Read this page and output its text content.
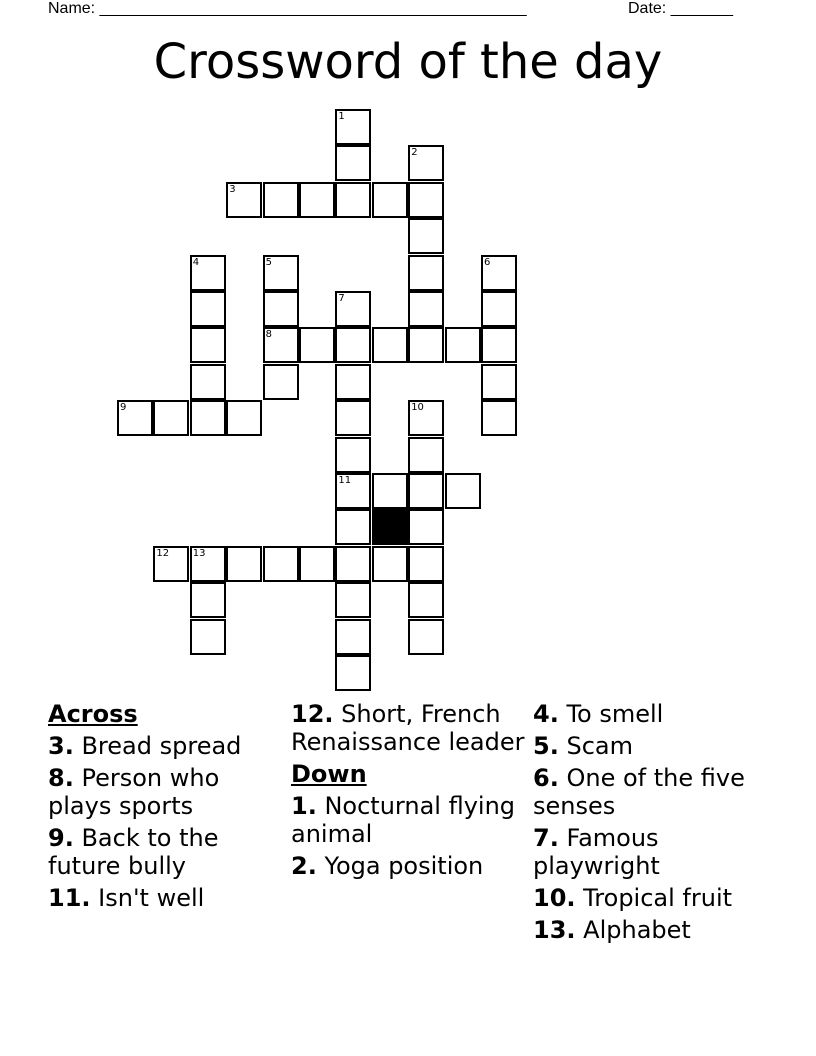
Name: ________________________________________________	Date: _______
Crossword of the day
1
2
3
4	5
8
6
7
11
9	10
12 13
Across
3. Bread spread
8. Person who plays sports
9. Back to the future bully
11. Isn't well
12. Short, French Renaissance leader
Down
1. Nocturnal flying animal
2. Yoga position
4. To smell
5. Scam
6. One of the five senses
7. Famous playwright
10. Tropical fruit
13. Alphabet
